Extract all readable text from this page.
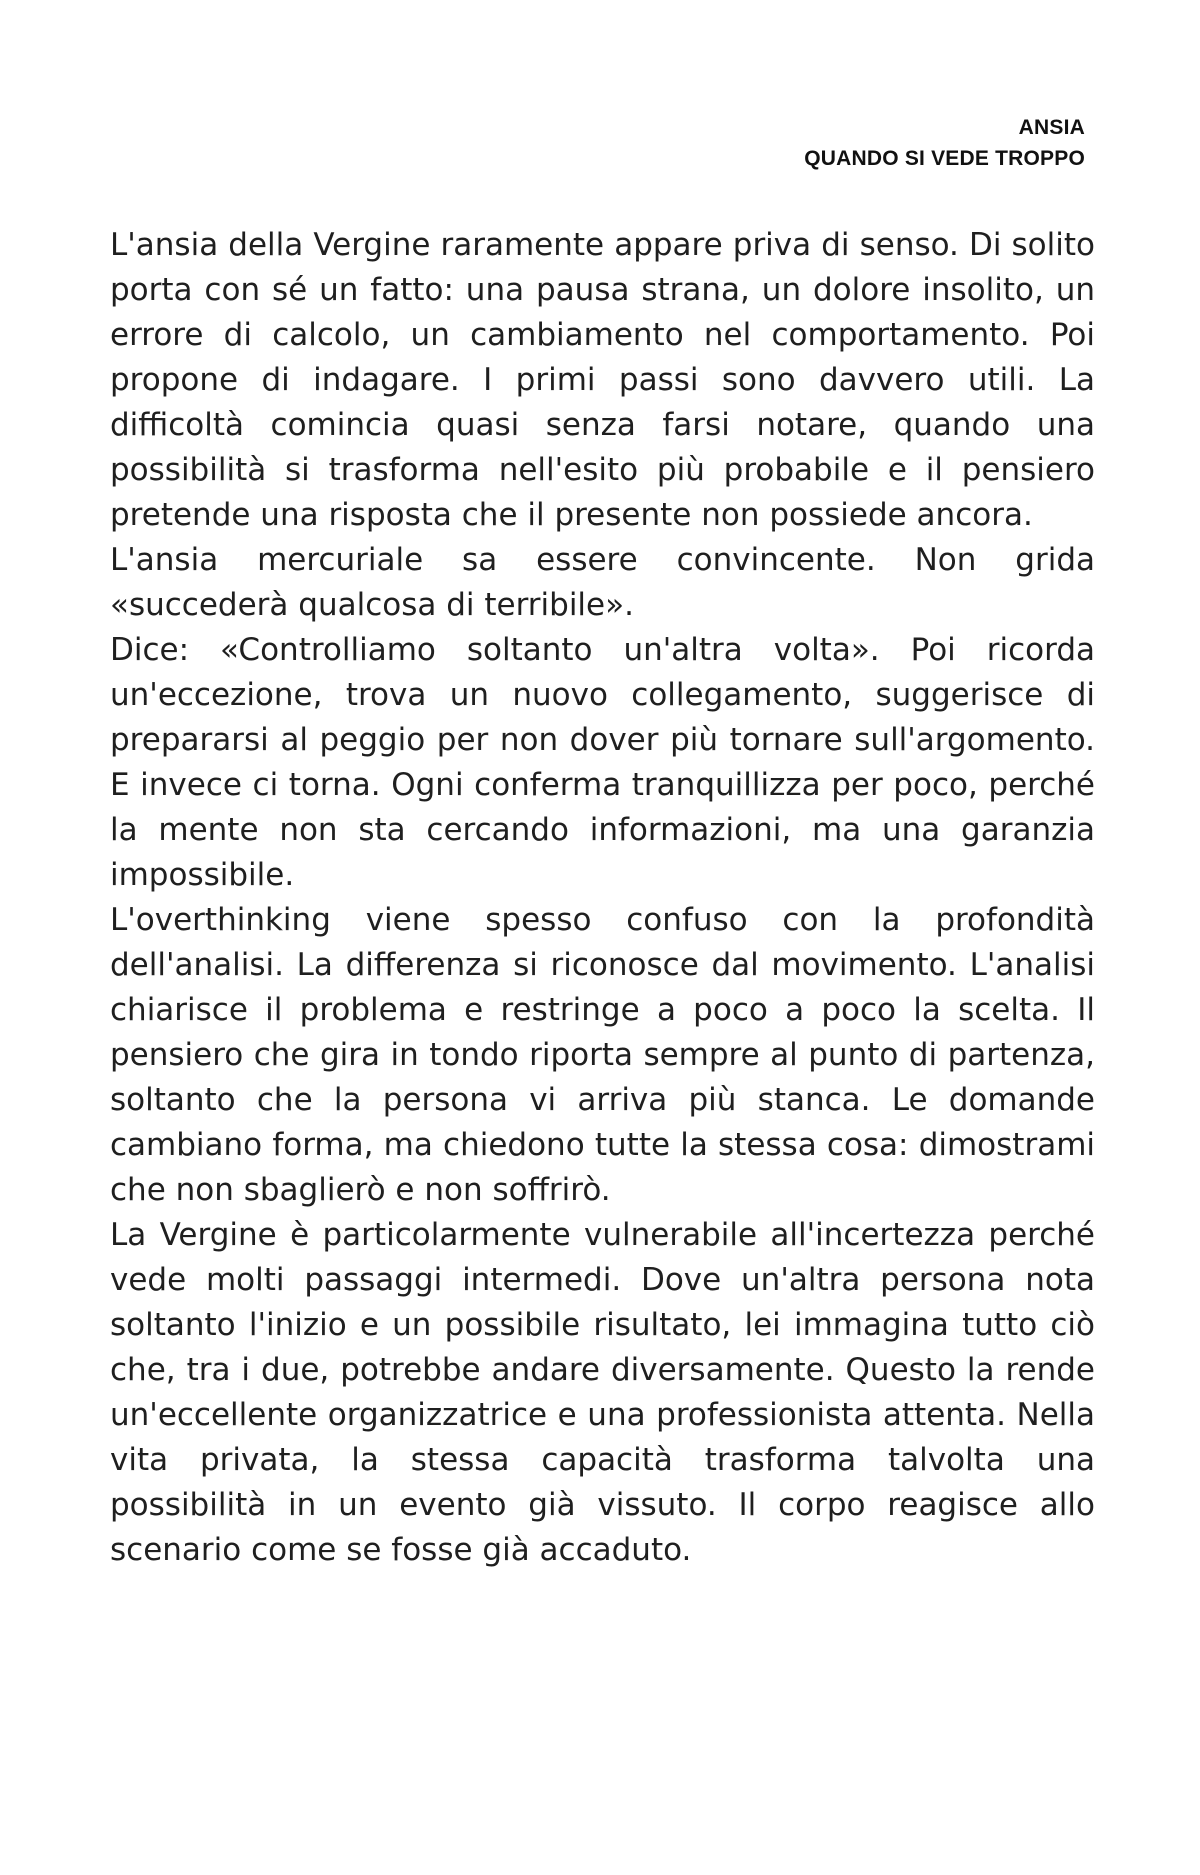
ANSIA
QUANDO SI VEDE TROPPO

L'ansia della Vergine raramente appare priva di senso. Di solito porta con sé un fatto: una pausa strana, un dolore insolito, un errore di calcolo, un cambiamento nel comportamento. Poi propone di indagare. I primi passi sono davvero utili. La difficoltà comincia quasi senza farsi notare, quando una possibilità si trasforma nell'esito più probabile e il pensiero pretende una risposta che il presente non possiede ancora.

L'ansia mercuriale sa essere convincente. Non grida «succederà qualcosa di terribile».

Dice: «Controlliamo soltanto un'altra volta». Poi ricorda un'eccezione, trova un nuovo collegamento, suggerisce di prepararsi al peggio per non dover più tornare sull'argomento. E invece ci torna. Ogni conferma tranquillizza per poco, perché la mente non sta cercando informazioni, ma una garanzia impossibile.

L'overthinking viene spesso confuso con la profondità dell'analisi. La differenza si riconosce dal movimento. L'analisi chiarisce il problema e restringe a poco a poco la scelta. Il pensiero che gira in tondo riporta sempre al punto di partenza, soltanto che la persona vi arriva più stanca. Le domande cambiano forma, ma chiedono tutte la stessa cosa: dimostrami che non sbaglierò e non soffrirò.

La Vergine è particolarmente vulnerabile all'incertezza perché vede molti passaggi intermedi. Dove un'altra persona nota soltanto l'inizio e un possibile risultato, lei immagina tutto ciò che, tra i due, potrebbe andare diversamente. Questo la rende un'eccellente organizzatrice e una professionista attenta. Nella vita privata, la stessa capacità trasforma talvolta una possibilità in un evento già vissuto. Il corpo reagisce allo scenario come se fosse già accaduto.
